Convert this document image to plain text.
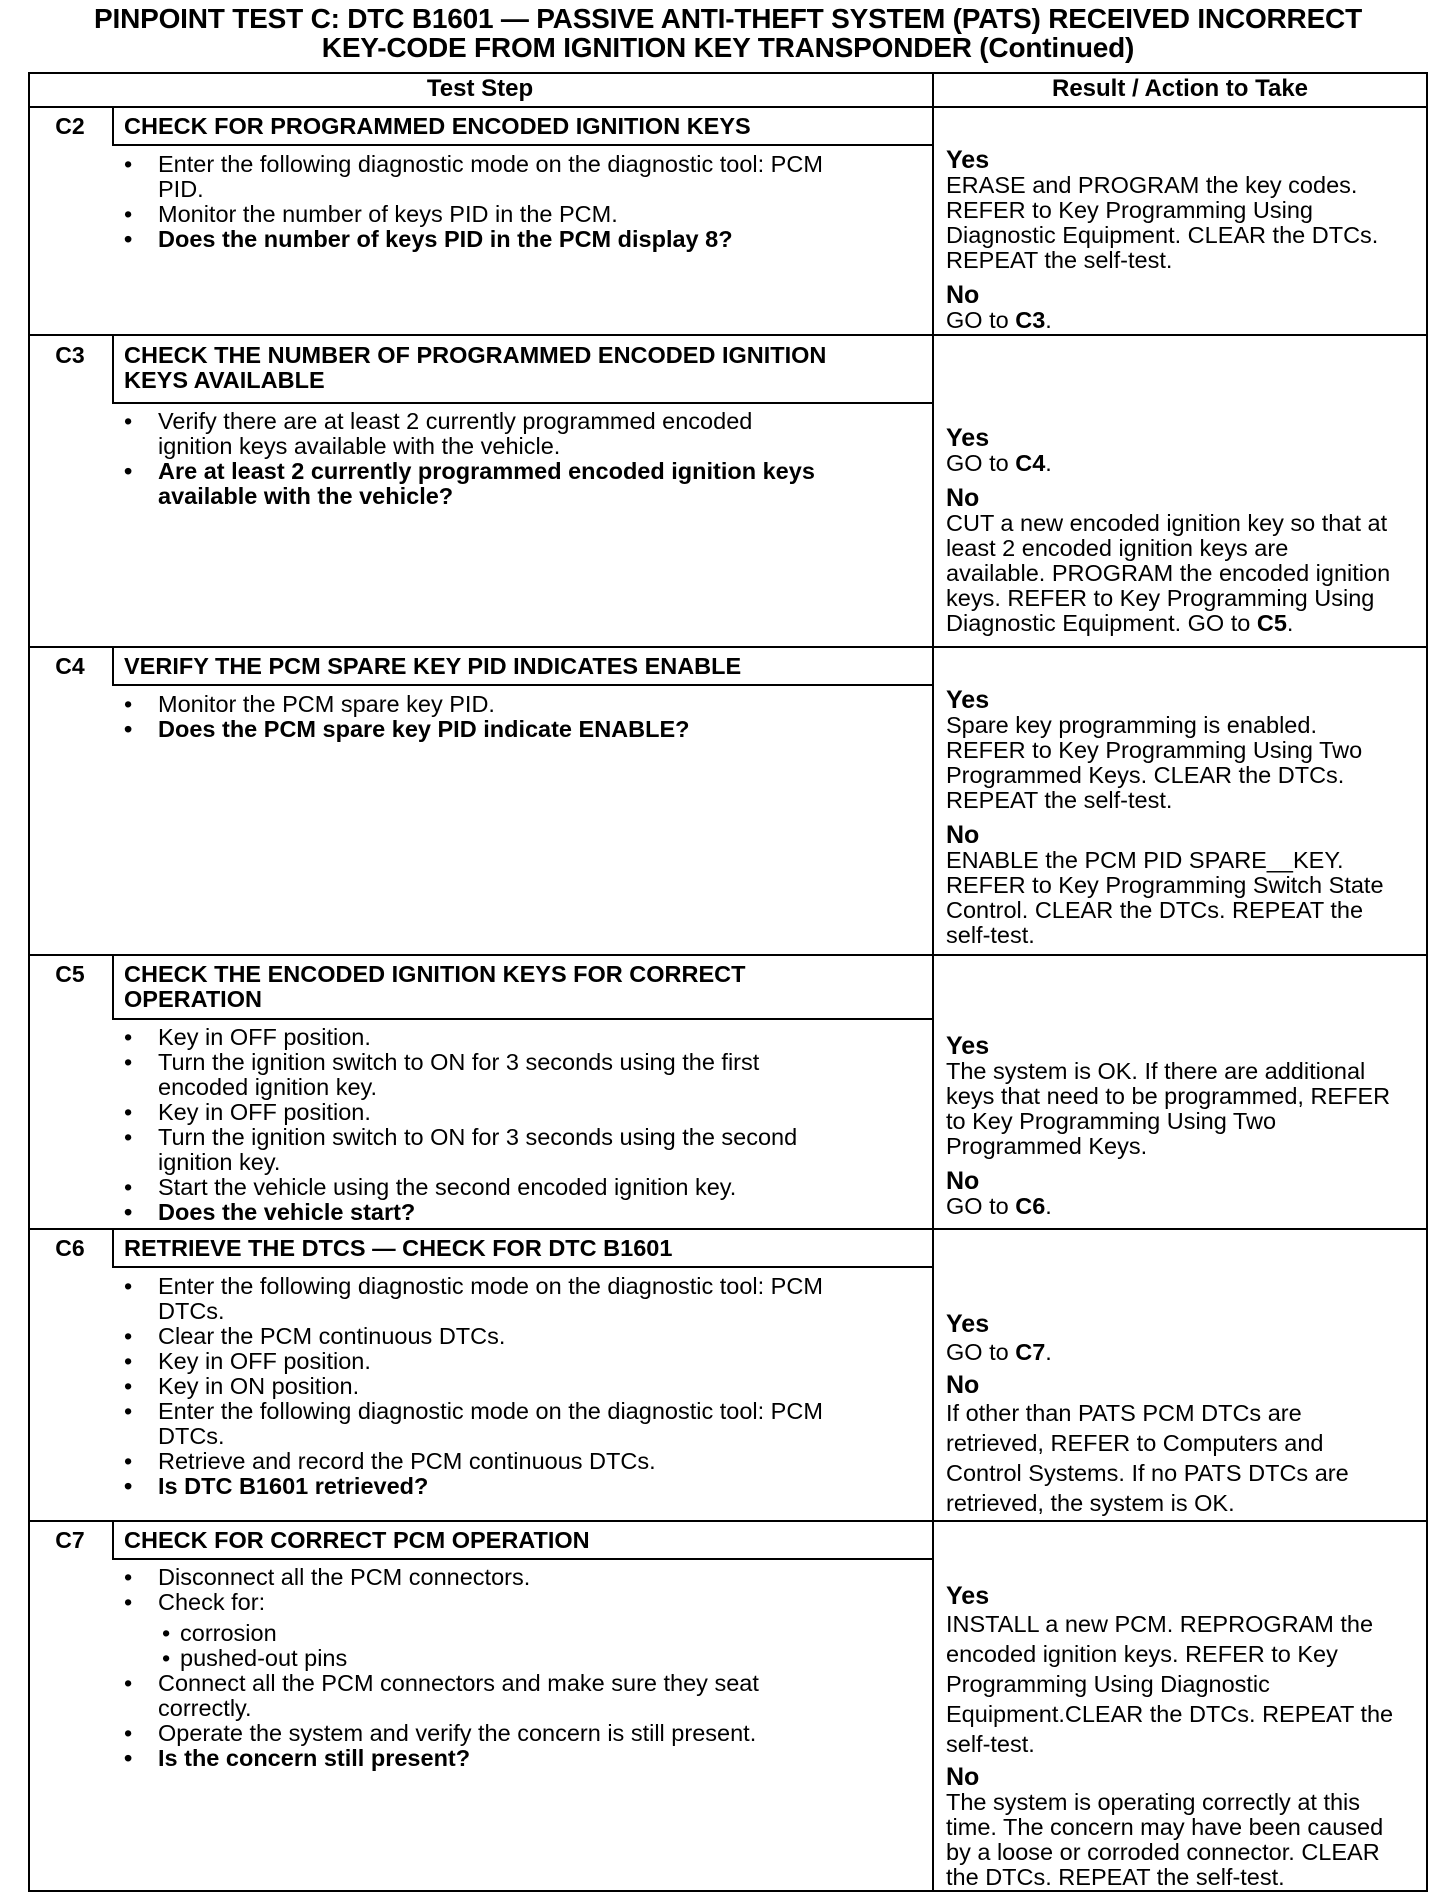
PINPOINT TEST C: DTC B1601 — PASSIVE ANTI-THEFT SYSTEM (PATS) RECEIVED INCORRECT
KEY-CODE FROM IGNITION KEY TRANSPONDER (Continued)
Test Step	Result / Action to Take
C2	CHECK FOR PROGRAMMED ENCODED IGNITION KEYS
• Enter the following diagnostic mode on the diagnostic tool: PCM
PID.
• Monitor the number of keys PID in the PCM.
• Does the number of keys PID in the PCM display 8?
Yes
ERASE and PROGRAM the key codes.
REFER to Key Programming Using
Diagnostic Equipment. CLEAR the DTCs.
REPEAT the self-test.
No
GO to C3.
C3	CHECK THE NUMBER OF PROGRAMMED ENCODED IGNITION
KEYS AVAILABLE
• Verify there are at least 2 currently programmed encoded
ignition keys available with the vehicle.
• Are at least 2 currently programmed encoded ignition keys
available with the vehicle?
Yes
GO to C4.
No
CUT a new encoded ignition key so that at
least 2 encoded ignition keys are
available. PROGRAM the encoded ignition
keys. REFER to Key Programming Using
Diagnostic Equipment. GO to C5.
C4	VERIFY THE PCM SPARE KEY PID INDICATES ENABLE
• Monitor the PCM spare key PID.
• Does the PCM spare key PID indicate ENABLE?
Yes
Spare key programming is enabled.
REFER to Key Programming Using Two
Programmed Keys. CLEAR the DTCs.
REPEAT the self-test.
No
ENABLE the PCM PID SPARE__KEY.
REFER to Key Programming Switch State
Control. CLEAR the DTCs. REPEAT the
self-test.
C5	CHECK THE ENCODED IGNITION KEYS FOR CORRECT
OPERATION
• Key in OFF position.
• Turn the ignition switch to ON for 3 seconds using the first
encoded ignition key.
• Key in OFF position.
• Turn the ignition switch to ON for 3 seconds using the second
ignition key.
• Start the vehicle using the second encoded ignition key.
• Does the vehicle start?
Yes
The system is OK. If there are additional
keys that need to be programmed, REFER
to Key Programming Using Two
Programmed Keys.
No
GO to C6.
C6	RETRIEVE THE DTCS — CHECK FOR DTC B1601
• Enter the following diagnostic mode on the diagnostic tool: PCM
DTCs.
• Clear the PCM continuous DTCs.
• Key in OFF position.
• Key in ON position.
• Enter the following diagnostic mode on the diagnostic tool: PCM
DTCs.
• Retrieve and record the PCM continuous DTCs.
• Is DTC B1601 retrieved?
Yes
GO to C7.
No
If other than PATS PCM DTCs are
retrieved, REFER to Computers and
Control Systems. If no PATS DTCs are
retrieved, the system is OK.
C7	CHECK FOR CORRECT PCM OPERATION
• Disconnect all the PCM connectors.
• Check for:
• corrosion
• pushed-out pins
• Connect all the PCM connectors and make sure they seat
correctly.
• Operate the system and verify the concern is still present.
• Is the concern still present?
Yes
INSTALL a new PCM. REPROGRAM the
encoded ignition keys. REFER to Key
Programming Using Diagnostic
Equipment.CLEAR the DTCs. REPEAT the
self-test.
No
The system is operating correctly at this
time. The concern may have been caused
by a loose or corroded connector. CLEAR
the DTCs. REPEAT the self-test.
